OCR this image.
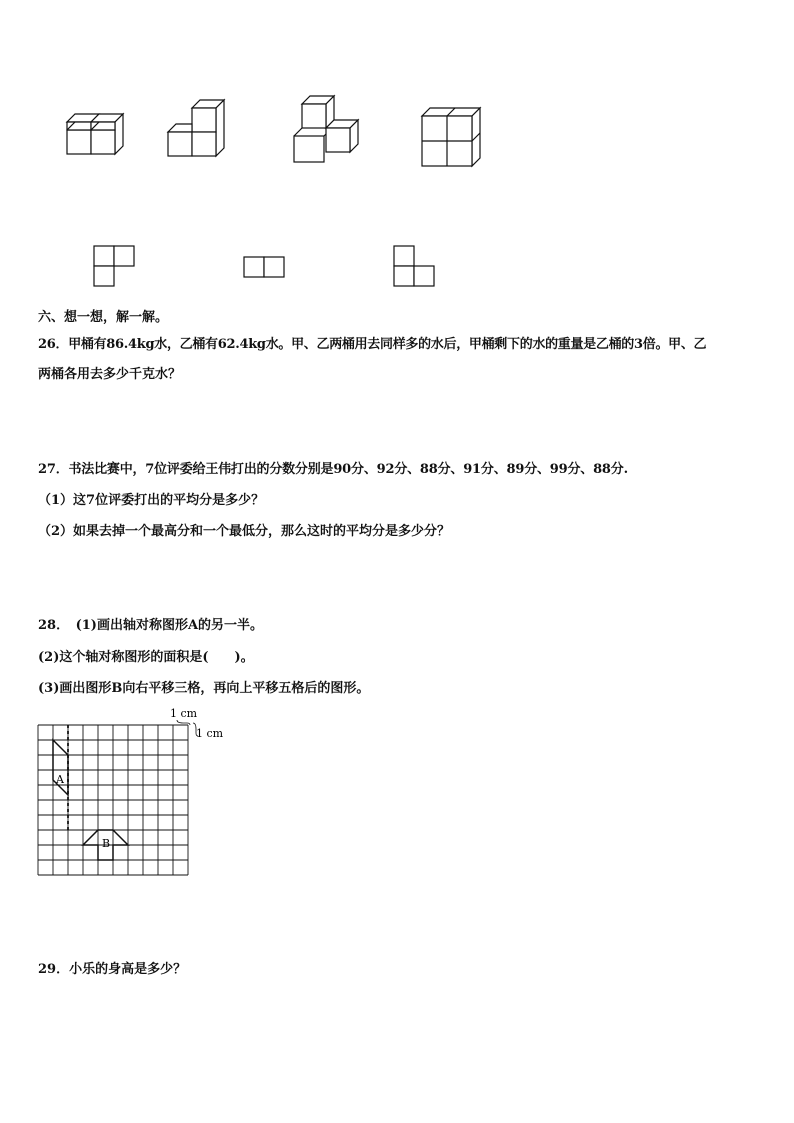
六、想一想，解一解。
26．甲桶有86.4kg水，乙桶有62.4kg水。甲、乙两桶用去同样多的水后，甲桶剩下的水的重量是乙桶的3倍。甲、乙
两桶各用去多少千克水？
27．书法比赛中，7位评委给王伟打出的分数分别是90分、92分、88分、91分、89分、99分、88分.
（1）这7位评委打出的平均分是多少？
（2）如果去掉一个最高分和一个最低分，那么这时的平均分是多少分？
28．　(1)画出轴对称图形A的另一半。
(2)这个轴对称图形的面积是(　　)。
(3)画出图形B向右平移三格，再向上平移五格后的图形。
1 cm
1 cm
A
B
29．小乐的身高是多少？
